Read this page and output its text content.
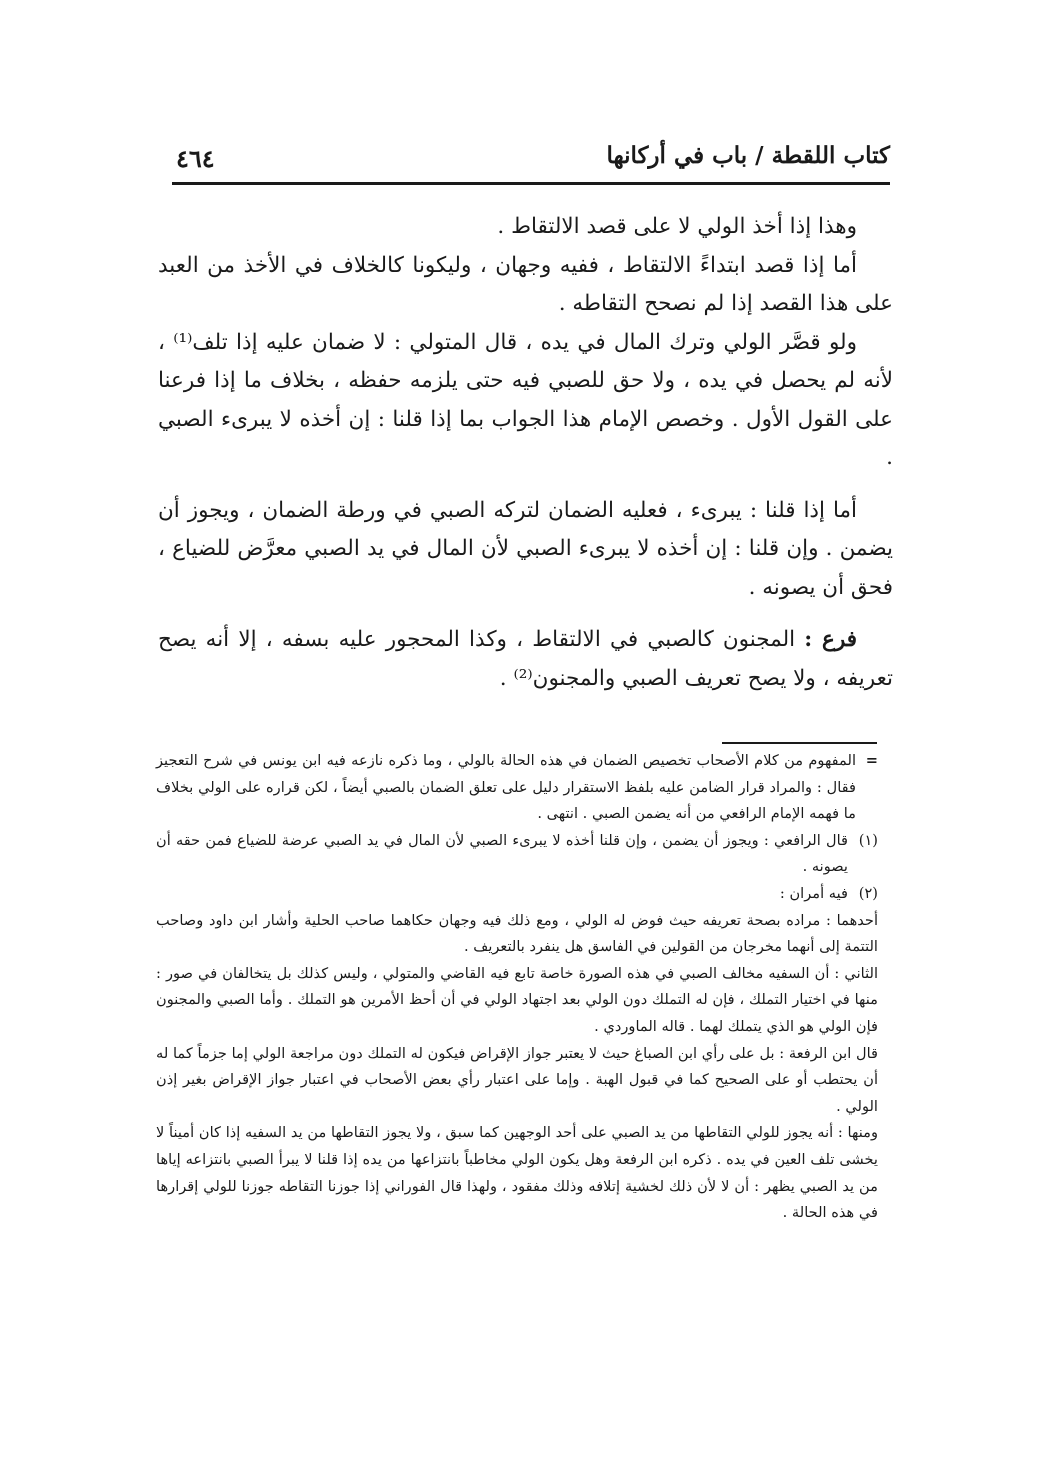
كتاب اللقطة / باب في أركانها
٤٦٤

وهذا إذا أخذ الولي لا على قصد الالتقاط .

أما إذا قصد ابتداءً الالتقاط ، ففيه وجهان ، وليكونا كالخلاف في الأخذ من العبد على هذا القصد إذا لم نصحح التقاطه .

ولو قصَّر الولي وترك المال في يده ، قال المتولي : لا ضمان عليه إذا تلف⁽¹⁾ ، لأنه لم يحصل في يده ، ولا حق للصبي فيه حتى يلزمه حفظه ، بخلاف ما إذا فرعنا على القول الأول . وخصص الإمام هذا الجواب بما إذا قلنا : إن أخذه لا يبرىء الصبي .

أما إذا قلنا : يبرىء ، فعليه الضمان لتركه الصبي في ورطة الضمان ، ويجوز أن يضمن . وإن قلنا : إن أخذه لا يبرىء الصبي لأن المال في يد الصبي معرَّض للضياع ، فحق أن يصونه .

فرع : المجنون كالصبي في الالتقاط ، وكذا المحجور عليه بسفه ، إلا أنه يصح تعريفه ، ولا يصح تعريف الصبي والمجنون⁽²⁾ .

=
المفهوم من كلام الأصحاب تخصيص الضمان في هذه الحالة بالولي ، وما ذكره نازعه فيه ابن يونس في شرح التعجيز فقال : والمراد قرار الضامن عليه بلفظ الاستقرار دليل على تعلق الضمان بالصبي أيضاً ، لكن قراره على الولي بخلاف ما فهمه الإمام الرافعي من أنه يضمن الصبي . انتهى .

(١)
قال الرافعي : ويجوز أن يضمن ، وإن قلنا أخذه لا يبرىء الصبي لأن المال في يد الصبي عرضة للضياع فمن حقه أن يصونه .

(٢)
فيه أمران :

أحدهما : مراده بصحة تعريفه حيث فوض له الولي ، ومع ذلك فيه وجهان حكاهما صاحب الحلية وأشار ابن داود وصاحب التتمة إلى أنهما مخرجان من القولين في الفاسق هل ينفرد بالتعريف .

الثاني : أن السفيه مخالف الصبي في هذه الصورة خاصة تابع فيه القاضي والمتولي ، وليس كذلك بل يتخالفان في صور : منها في اختيار التملك ، فإن له التملك دون الولي بعد اجتهاد الولي في أن أحظ الأمرين هو التملك . وأما الصبي والمجنون فإن الولي هو الذي يتملك لهما . قاله الماوردي .

قال ابن الرفعة : بل على رأي ابن الصباغ حيث لا يعتبر جواز الإقراض فيكون له التملك دون مراجعة الولي إما جزماً كما له أن يحتطب أو على الصحيح كما في قبول الهبة . وإما على اعتبار رأي بعض الأصحاب في اعتبار جواز الإقراض بغير إذن الولي .

ومنها : أنه يجوز للولي التقاطها من يد الصبي على أحد الوجهين كما سبق ، ولا يجوز التقاطها من يد السفيه إذا كان أميناً لا يخشى تلف العين في يده . ذكره ابن الرفعة وهل يكون الولي مخاطباً بانتزاعها من يده إذا قلنا لا يبرأ الصبي بانتزاعه إياها من يد الصبي يظهر : أن لا لأن ذلك لخشية إتلافه وذلك مفقود ، ولهذا قال الفوراني إذا جوزنا التقاطه جوزنا للولي إقرارها في هذه الحالة .
